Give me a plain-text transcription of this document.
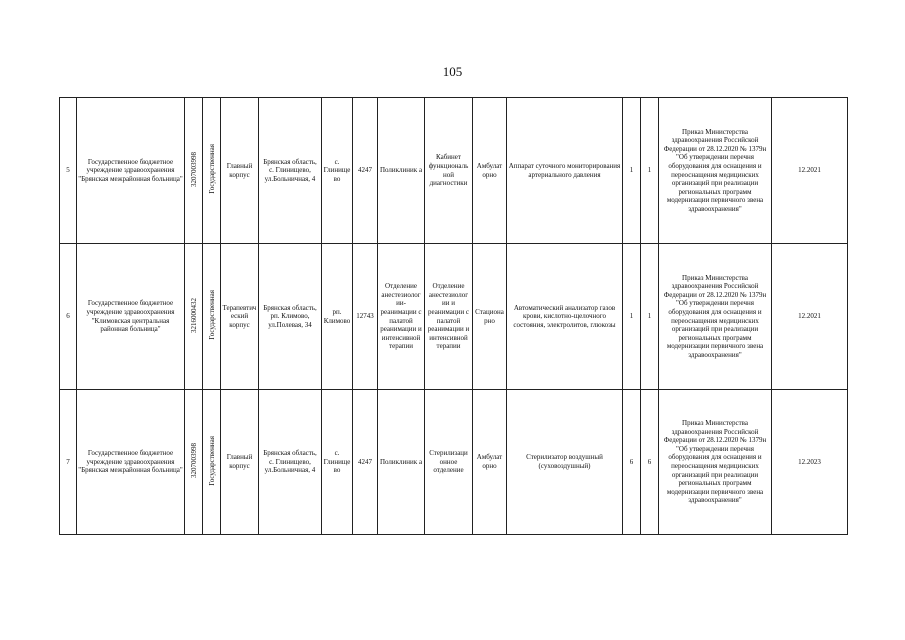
105
5	Государственное бюджетное учреждение здравоохранения "Брянская межрайонная больница"	3207003998	Государственная	Главный корпус	Брянская область, с. Глинищево, ул.Больничная, 4	с. Глинище во	4247	Поликлиник а	Кабинет функциональ ной диагностики	Амбулат орно	Аппарат суточного мониторирования артериального давления	1	1	Приказ Министерства здравоохранения Российской Федерации от 28.12.2020 № 1379н "Об утверждении перечня оборудования для оснащения и переоснащения медицинских организаций при реализации региональных программ модернизации первичного звена здравоохранения"	12.2021
6	Государственное бюджетное учреждение здравоохранения "Климовская центральная районная больница"	3216000432	Государственная	Терапевтич еский корпус	Брянская область, рп. Климово, ул.Полевая, 34	рп. Климово	12743	Отделение анестезиолог ии- реанимации с палатой реанимации и интенсивной терапии	Отделение анестезиолог ии и реанимации с палатой реанимации и интенсивной терапии	Стациона рно	Автоматический анализатор газов крови, кислотно-щелочного состояния, электролитов, глюкозы	1	1	Приказ Министерства здравоохранения Российской Федерации от 28.12.2020 № 1379н "Об утверждении перечня оборудования для оснащения и переоснащения медицинских организаций при реализации региональных программ модернизации первичного звена здравоохранения"	12.2021
7	Государственное бюджетное учреждение здравоохранения "Брянская межрайонная больница"	3207003998	Государственная	Главный корпус	Брянская область, с. Глинищево, ул.Больничная, 4	с. Глинище во	4247	Поликлиник а	Стерилизаци онное отделение	Амбулат орно	Стерилизатор воздушный (суховоздушный)	6	6	Приказ Министерства здравоохранения Российской Федерации от 28.12.2020 № 1379н "Об утверждении перечня оборудования для оснащения и переоснащения медицинских организаций при реализации региональных программ модернизации первичного звена здравоохранения"	12.2023
